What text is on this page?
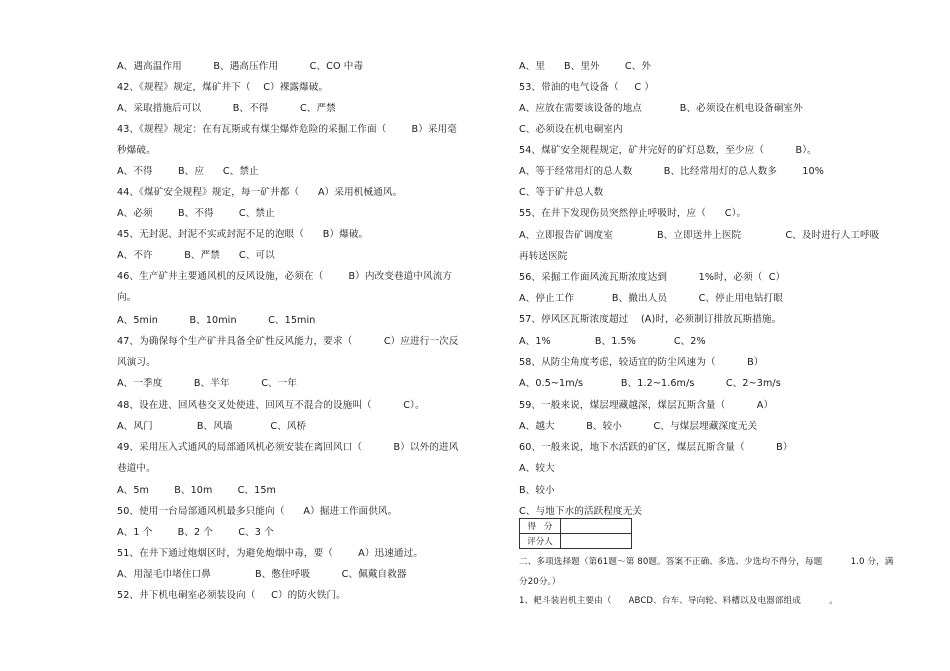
A、遇高温作用          B、遇高压作用          C、CO 中毒
42、《规程》规定，煤矿井下（    C）裸露爆破。
A、采取措施后可以          B、不得          C、严禁
43、《规程》规定：在有瓦斯或有煤尘爆炸危险的采掘工作面（        B）采用毫
秒爆破。
A、不得        B、应      C、禁止
44、《煤矿安全规程》规定，每一矿井都（      A）采用机械通风。
A、必须        B、不得        C、禁止
45、无封泥、封泥不实或封泥不足的泡眼（      B）爆破。
A、不许          B、严禁      C、可以
46、生产矿井主要通风机的反风设施，必须在（        B）内改变巷道中风流方
向。
A、5min          B、10min          C、15min
47、为确保每个生产矿井具备全矿性反风能力，要求（          C）应进行一次反
风演习。
A、一季度          B、半年          C、一年
48、设在进、回风巷交叉处使进、回风互不混合的设施叫（          C）。
A、风门              B、风墙            C、风桥
49、采用压入式通风的局部通风机必须安装在离回风口（          B）以外的进风
巷道中。
A、5m        B、10m        C、15m
50、使用一台局部通风机最多只能向（      A）掘进工作面供风。
A、1 个        B、2 个        C、3 个
51、在井下通过炮烟区时，为避免炮烟中毒，要（        A）迅速通过。
A、用湿毛巾堵住口鼻              B、憋住呼吸          C、佩戴自救器
52、井下机电硐室必须装设向（     C）的防火铁门。
A、里      B、里外        C、外
53、带油的电气设备（     C ）
A、应放在需要该设备的地点            B、必须设在机电设备硐室外
C、必须设在机电硐室内
54、煤矿安全规程规定，矿井完好的矿灯总数，至少应（          B）。
A、等于经常用灯的总人数          B、比经常用灯的总人数多        10%
C、等于矿井总人数
55、在井下发现伤员突然停止呼吸时，应（      C）。
A、立即报告矿调度室              B、立即送井上医院              C、及时进行人工呼吸
再转送医院
56、采掘工作面风流瓦斯浓度达到          1%时，必须（  C）
A、停止工作            B、撤出人员          C、停止用电钻打眼
57、停风区瓦斯浓度超过    (A)时，必须制订排放瓦斯措施。
A、1%              B、1.5%            C、2%
58、从防尘角度考虑，较适宜的防尘风速为（          B）
A、0.5~1m/s            B、1.2~1.6m/s          C、2~3m/s
59、一般来说，煤层埋藏越深，煤层瓦斯含量（          A）
A、越大          B、较小          C、与煤层埋藏深度无关
60、一般来说，地下水活跃的矿区，煤层瓦斯含量（          B）
A、较大
B、较小
C、与地下水的活跃程度无关
得   分	
评分人	
二、多项选择题（第61题～第 80题。答案不正确、多选、少选均不得分，每题          1.0 分，满
分20分。）
1、耙斗装岩机主要由（      ABCD、台车、导向轮、料槽以及电器部组成          。
